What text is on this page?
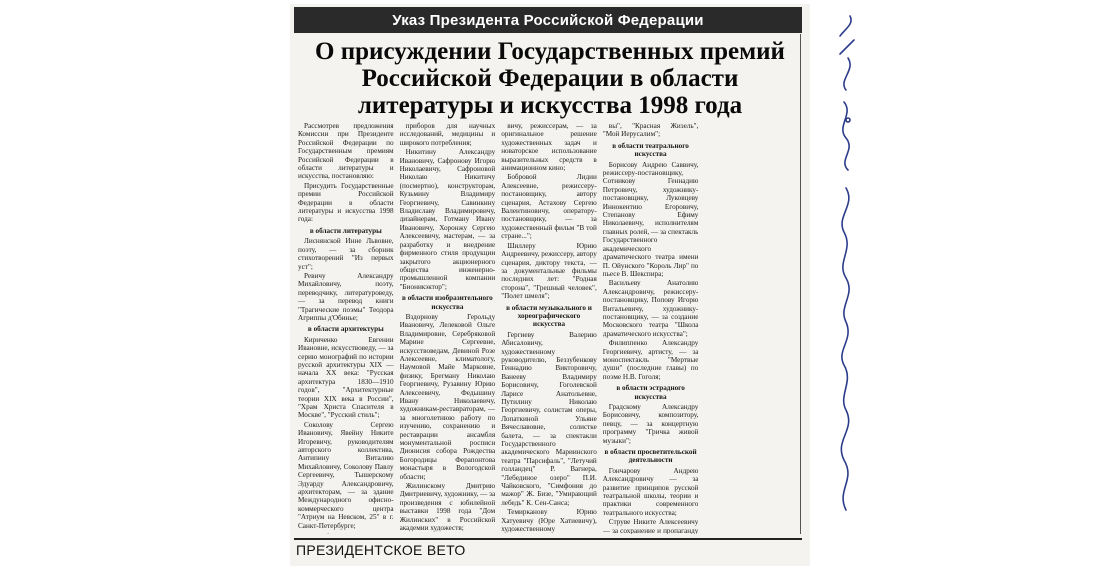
Указ Президента Российской Федерации
О присуждении Государственных премий Российской Федерации в области литературы и искусства 1998 года

Рассмотрев предложения Комиссии при Президенте Российской Федерации по Государственным премиям Российской Федерации в области литературы и искусства, постановляю:

Присудить Государственные премии Российской Федерации в области литературы и искусства 1998 года:

в области литературы

Лиснянской Инне Львовне, поэту, — за сборник стихотворений "Из первых уст";

Ревичу Александру Михайловичу, поэту, переводчику, литературоведу, — за перевод книги "Трагические поэмы" Теодора Агриппы д'Обинье;

в области архитектуры

Кириченко Евгении Ивановне, искусствоведу, — за серию монографий по истории русской архитектуры XIX — начала XX века: "Русская архитектура 1830—1910 годов", "Архитектурные теории XIX века в России", "Храм Христа Спасителя в Москве", "Русский стиль";

Соколову Сергею Ивановичу, Явейну Никите Игоревичу, руководителям авторского коллектива, Антипину Виталию Михайловичу, Соколову Павлу Сергеевичу, Тышерскому Эдуарду Александровичу, архитекторам, — за здание Международного офисно-коммерческого центра "Атриум на Невском, 25" в г. Санкт-Петербурге;

приборов для научных исследований, медицины и широкого потребления;

Никитину Александру Ивановичу, Сафронову Игорю Николаевичу, Сафроновой Николаю Никитичу (посмертно), конструкторам, Кузьмину Владимиру Георгиевичу, Савинкину Владиславу Владимировичу, дизайнерам, Готману Ивану Ивановичу, Хоронжу Сергею Алексеевичу, мастерам, — за разработку и внедрение фирменного стиля продукции закрытого акционерного общества инженерно-промышленной компании "Бионикэктор";

в области изобразительного искусства

Вздорнову Герольду Ивановичу, Лелековой Ольге Владимировне, Серебряковой Марине Сергеевне, искусствоведам, Девиной Розе Алексеевне, климатологу, Наумовой Майе Марковне, физику, Брегману Николаю Георгиевичу, Рузавину Юрию Алексеевичу, Федышину Ивану Николаевичу, художникам-реставраторам, — за многолетнюю работу по изучению, сохранению и реставрации ансамбля монументальной росписи Дионисия собора Рождества Богородицы Ферапонтова монастыря в Вологодской области;

Жилинскому Дмитрию Дмитриевичу, художнику, — за произведения с юбилейной выставки 1998 года "Дом Жилинских" в Российской академии художеств;

вичу, режиссерам, — за оригинальное решение художественных задач и новаторское использование выразительных средств в анимационном кино;

Бобровой Лидии Алексеевне, режиссеру-постановщику, автору сценария, Астахову Сергею Валентиновичу, оператору-постановщику, — за художественный фильм "В той стране...";

Шиллеру Юрию Андреевичу, режиссеру, автору сценария, диктору текста, — за документальные фильмы последних лет: "Родная сторона", "Грешный человек", "Полет шмеля";

в области музыкального и хореографического искусства

Гергиеву Валерию Абисаловичу, художественному руководителю, Беззубенкову Геннадию Викторовичу, Ванееву Владимиру Борисовичу, Гоголевской Ларисе Анатольевне, Путилину Николаю Георгиевичу, солистам оперы, Лопаткиной Ульяне Вячеславовне, солистке балета, — за спектакли Государственного академического Мариинского театра "Парсифаль", "Летучий голландец" Р. Вагнера, "Лебединое озеро" П.И. Чайковского, "Симфония до мажор" Ж. Бизе, "Умирающий лебедь" К. Сен-Санса;

Темиркановy Юрию Хатуевичу (Юре Хатиевичу), художественному

вы", "Красная Жизель", "Мой Иерусалим";

в области театрального искусства

Борисову Андрею Саввичу, режиссеру-постановщику, Сотникову Геннадию Петровичу, художнику-постановщику, Луковцеву Иннокентию Егоровичу, Степанову Ефиму Николаевичу, исполнителям главных ролей, — за спектакль Государственного академического драматического театра имени П. Ойунского "Король Лир" по пьесе В. Шекспира;

Васильеву Анатолию Александровичу, режиссеру-постановщику, Попову Игорю Витальевичу, художнику-постановщику, — за создание Московского театра "Школа драматического искусства";

Филиппенко Александру Георгиевичу, артисту, — за моноспектакль "Мертвые души" (последние главы) по поэме Н.В. Гоголя;

в области эстрадного искусства

Градскому Александру Борисовичу, композитору, певцу, — за концертную программу "Гричка живой музыки";

в области просветительской деятельности

Гончарову Андрею Александровичу — за развитие принципов русской театральной школы, теории и практики современного театрального искусства;

Струве Никите Алексеевичу — за сохранение и пропаганду

ПРЕЗИДЕНТСКОЕ ВЕТО
